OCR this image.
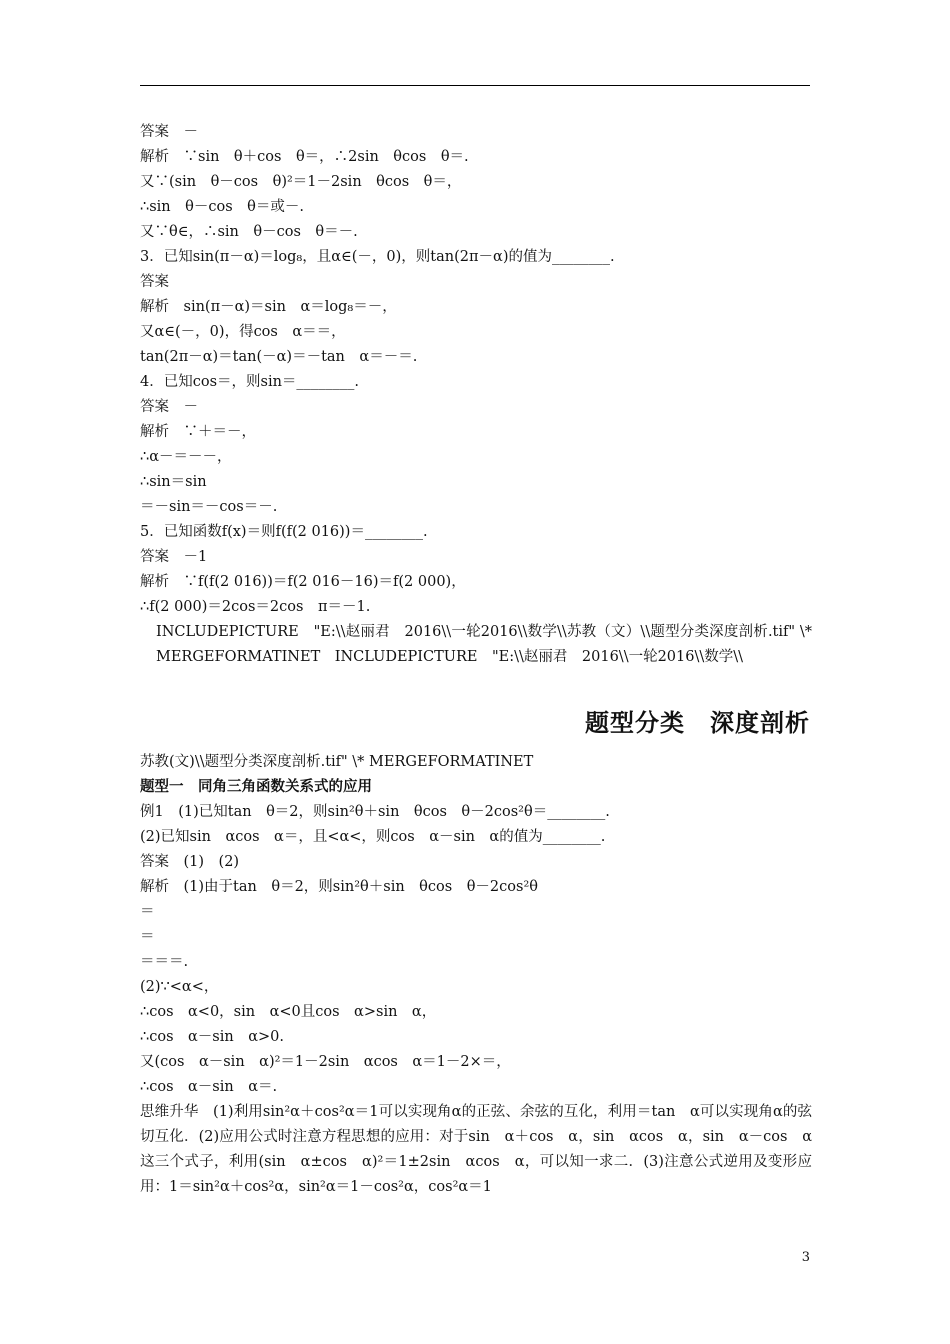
答案　－
解析　∵sin　θ＋cos　θ＝，∴2sin　θcos　θ＝.
又∵(sin　θ－cos　θ)²＝1－2sin　θcos　θ＝，
∴sin　θ－cos　θ＝或－.
又∵θ∈，∴sin　θ－cos　θ＝－.
3．已知sin(π－α)＝log₈，且α∈(－，0)，则tan(2π－α)的值为________.
答案
解析　sin(π－α)＝sin　α＝log₈＝－，
又α∈(－，0)，得cos　α＝＝，
tan(2π－α)＝tan(－α)＝－tan　α＝－＝.
4．已知cos＝，则sin＝________.
答案　－
解析　∵＋＝－，
∴α－＝－－，
∴sin＝sin
＝－sin＝－cos＝－.
5．已知函数f(x)＝则f(f(2 016))＝________.
答案　－1
解析　∵f(f(2 016))＝f(2 016－16)＝f(2 000)，
∴f(2 000)＝2cos＝2cos　π＝－1.
INCLUDEPICTURE　"E:\\赵丽君　2016\\一轮2016\\数学\\苏教（文）\\题型分类深度剖析.tif" \* MERGEFORMATINET　INCLUDEPICTURE　"E:\\赵丽君　2016\\一轮2016\\数学\\
题型分类　深度剖析
苏教(文)\\题型分类深度剖析.tif" \* MERGEFORMATINET
题型一　同角三角函数关系式的应用
例1　(1)已知tan　θ＝2，则sin²θ＋sin　θcos　θ－2cos²θ＝________.
(2)已知sin　αcos　α＝，且<α<，则cos　α－sin　α的值为________.
答案　(1)　(2)
解析　(1)由于tan　θ＝2，则sin²θ＋sin　θcos　θ－2cos²θ
＝
＝
＝＝＝.
(2)∵<α<，
∴cos　α<0，sin　α<0且cos　α>sin　α，
∴cos　α－sin　α>0.
又(cos　α－sin　α)²＝1－2sin　αcos　α＝1－2×＝，
∴cos　α－sin　α＝.
思维升华　(1)利用sin²α＋cos²α＝1可以实现角α的正弦、余弦的互化，利用＝tan　α可以实现角α的弦切互化．(2)应用公式时注意方程思想的应用：对于sin　α＋cos　α，sin　αcos　α，sin　α－cos　α这三个式子，利用(sin　α±cos　α)²＝1±2sin　αcos　α，可以知一求二．(3)注意公式逆用及变形应用：1＝sin²α＋cos²α，sin²α＝1－cos²α，cos²α＝1
3
